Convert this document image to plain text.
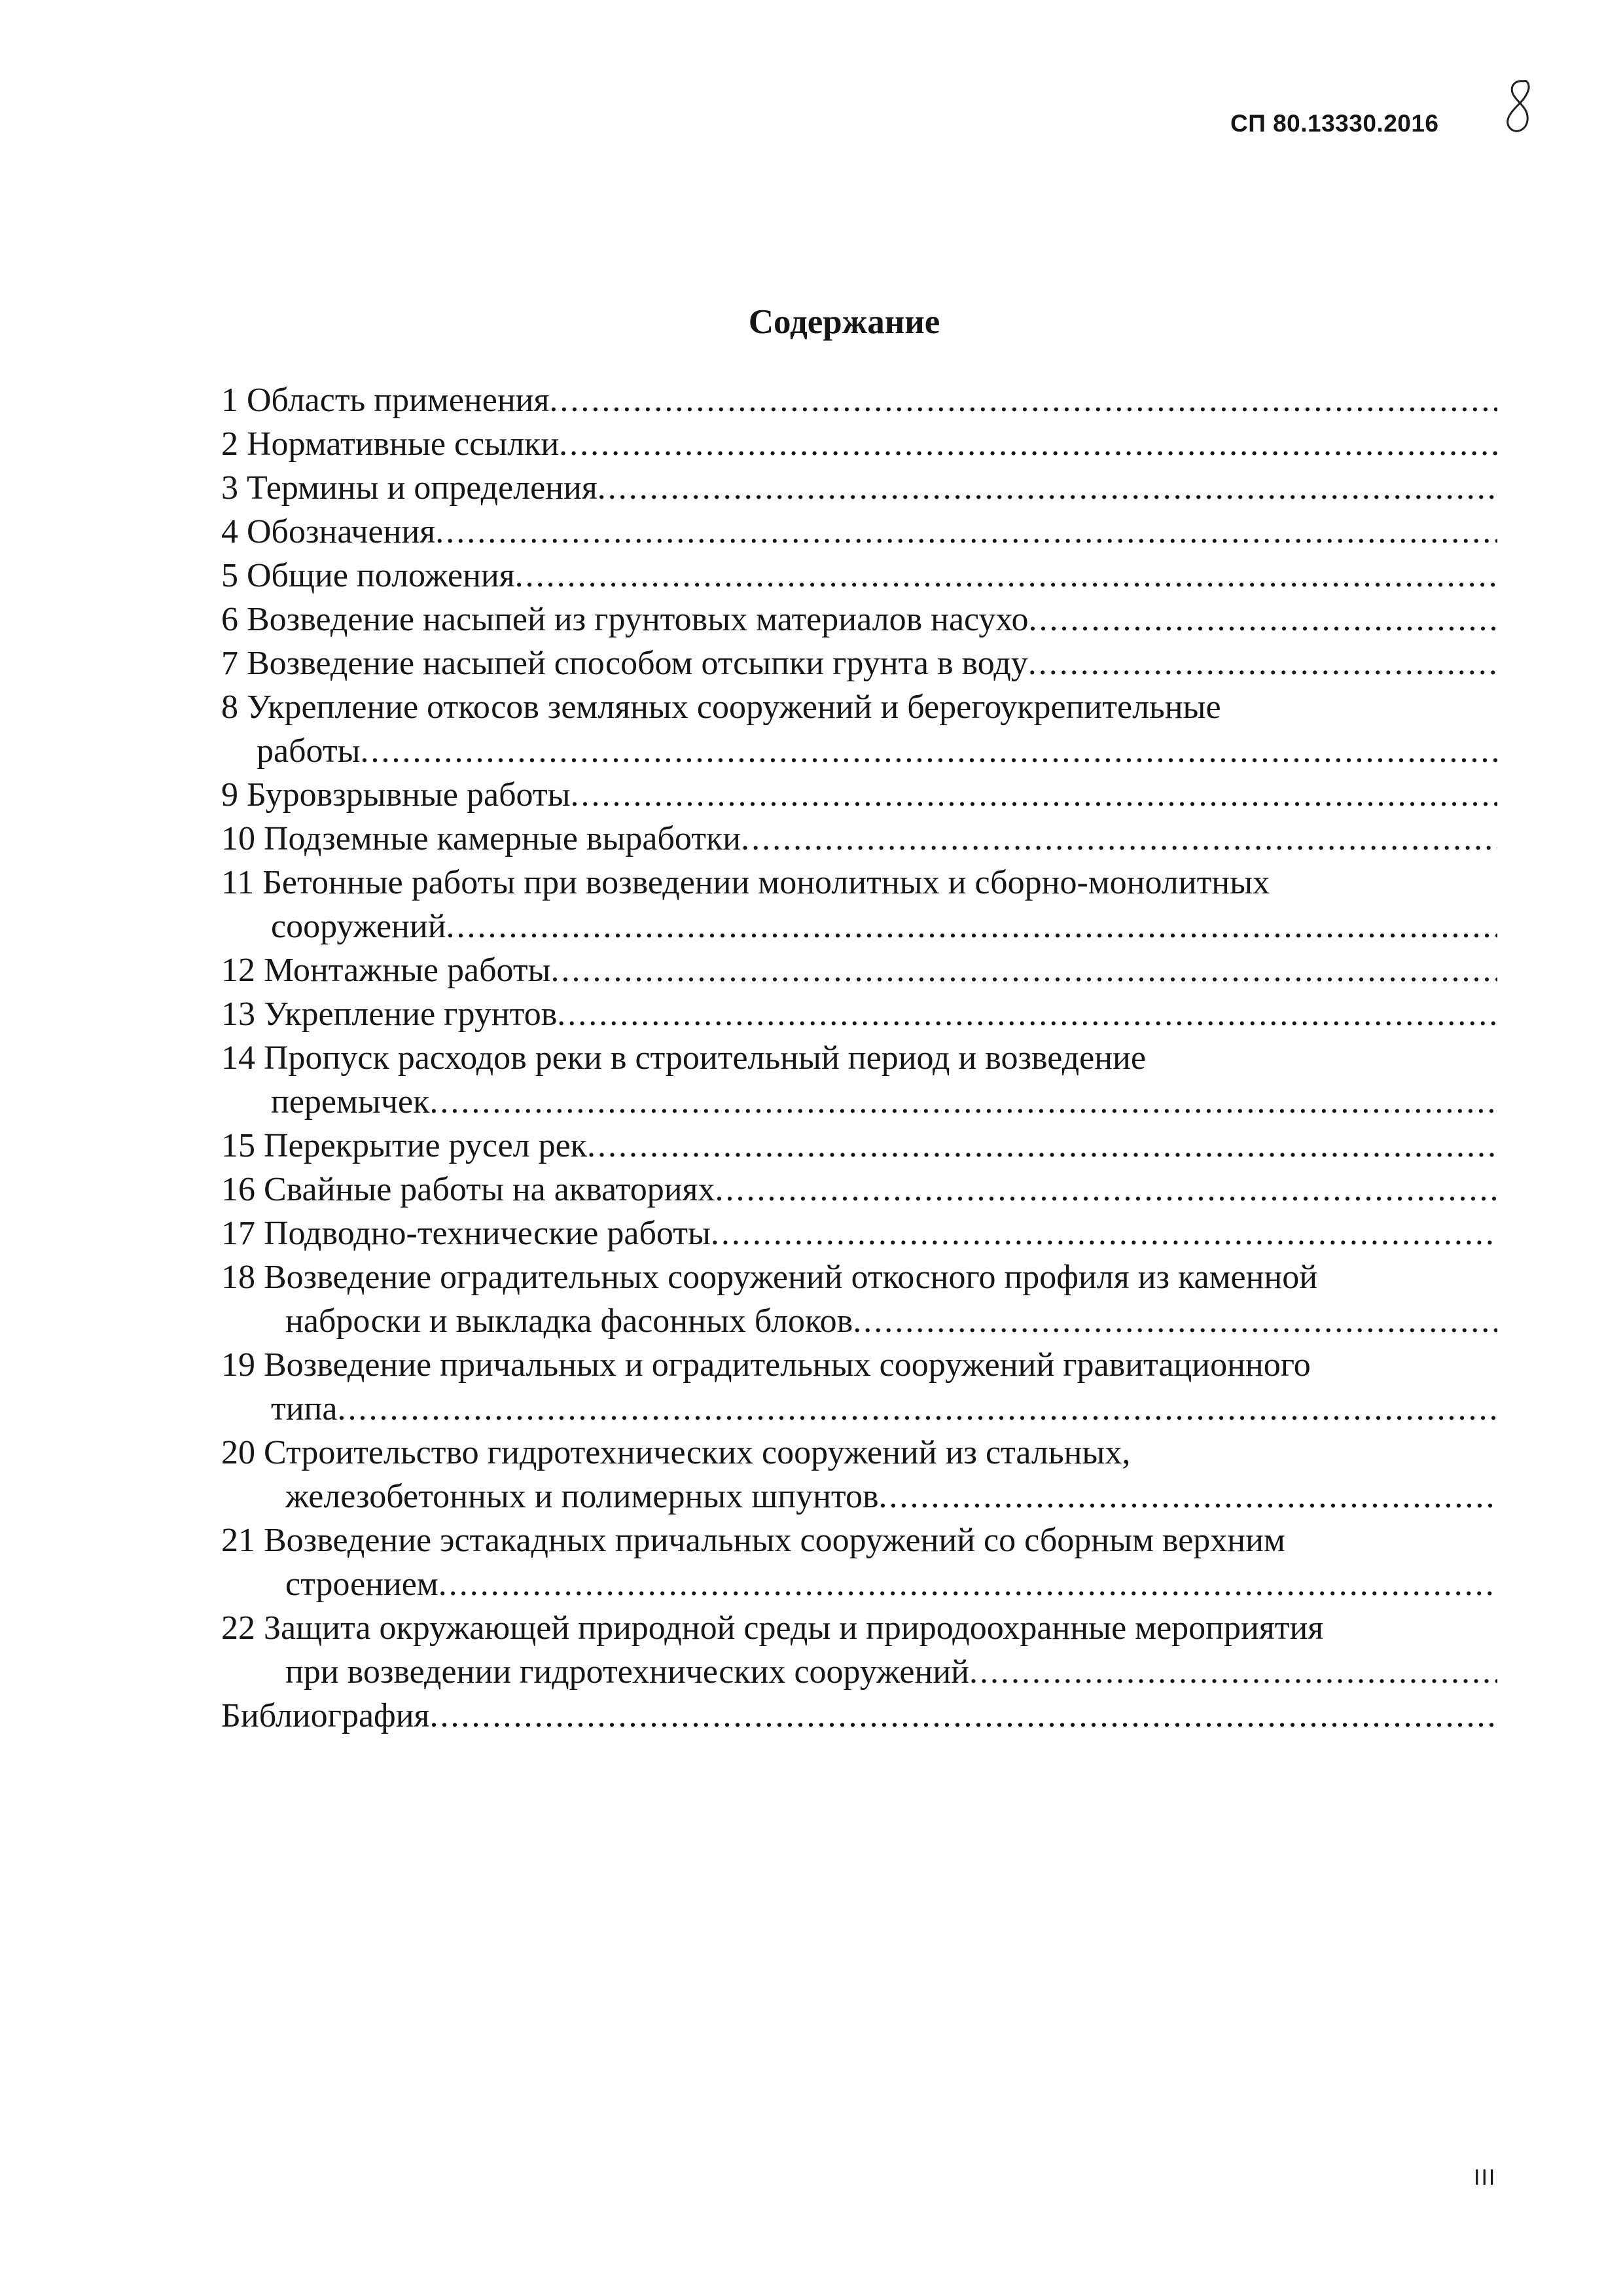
СП 80.13330.2016
Содержание
1 Область применения
.....
2 Нормативные ссылки
.....
3 Термины и определения
.....
4 Обозначения
.....
5 Общие положения
.....
6 Возведение насыпей из грунтовых материалов насухо
.....
7 Возведение насыпей способом отсыпки грунта в воду
.....
8 Укрепление откосов земляных сооружений и берегоукрепительные
работы
.....
9 Буровзрывные работы
.....
10 Подземные камерные выработки
.....
11 Бетонные работы при возведении монолитных и сборно-монолитных
сооружений
.....
12 Монтажные работы
.....
13 Укрепление грунтов
.....
14 Пропуск расходов реки в строительный период и возведение
перемычек
.....
15 Перекрытие русел рек
.....
16 Свайные работы на акваториях
.....
17 Подводно-технические работы
.....
18 Возведение оградительных сооружений откосного профиля из каменной
наброски и выкладка фасонных блоков
.....
19 Возведение причальных и оградительных сооружений гравитационного
типа
.....
20 Строительство гидротехнических сооружений из стальных,
железобетонных и полимерных шпунтов
.....
21 Возведение эстакадных причальных сооружений со сборным верхним
строением
.....
22 Защита окружающей природной среды и природоохранные мероприятия
при возведении гидротехнических сооружений
.....
Библиография
.....
III
